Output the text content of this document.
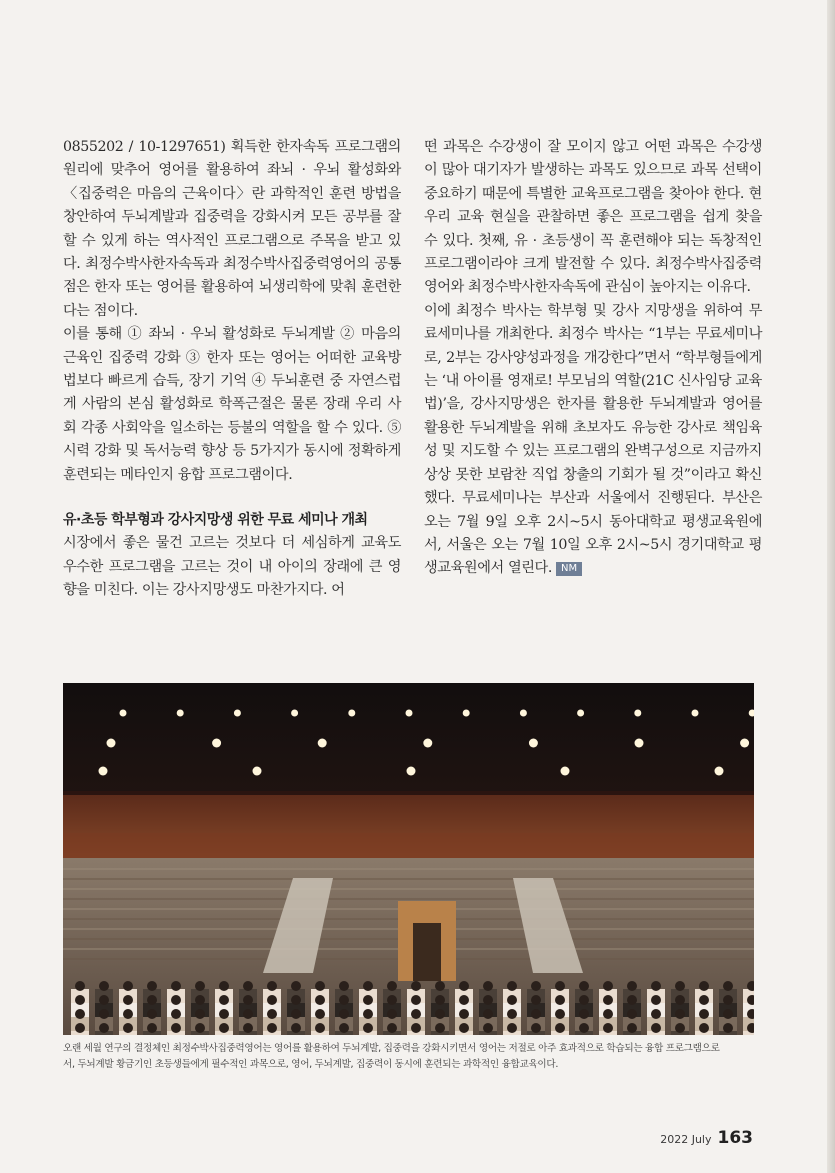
0855202 / 10-1297651) 획득한 한자속독 프로그램의 원리에 맞추어 영어를 활용하여 좌뇌 · 우뇌 활성화와 〈집중력은 마음의 근육이다〉란 과학적인 훈련 방법을 창안하여 두뇌계발과 집중력을 강화시켜 모든 공부를 잘할 수 있게 하는 역사적인 프로그램으로 주목을 받고 있다. 최정수박사한자속독과 최정수박사집중력영어의 공통점은 한자 또는 영어를 활용하여 뇌생리학에 맞춰 훈련한다는 점이다.

이를 통해 ① 좌뇌 · 우뇌 활성화로 두뇌계발 ② 마음의 근육인 집중력 강화 ③ 한자 또는 영어는 어떠한 교육방법보다 빠르게 습득, 장기 기억 ④ 두뇌훈련 중 자연스럽게 사람의 본심 활성화로 학폭근절은 물론 장래 우리 사회 각종 사회악을 일소하는 등불의 역할을 할 수 있다. ⑤ 시력 강화 및 독서능력 향상 등 5가지가 동시에 정확하게 훈련되는 메타인지 융합 프로그램이다.

유·초등 학부형과 강사지망생 위한 무료 세미나 개최

시장에서 좋은 물건 고르는 것보다 더 세심하게 교육도 우수한 프로그램을 고르는 것이 내 아이의 장래에 큰 영향을 미친다. 이는 강사지망생도 마찬가지다. 어

떤 과목은 수강생이 잘 모이지 않고 어떤 과목은 수강생이 많아 대기자가 발생하는 과목도 있으므로 과목 선택이 중요하기 때문에 특별한 교육프로그램을 찾아야 한다. 현 우리 교육 현실을 관찰하면 좋은 프로그램을 쉽게 찾을 수 있다. 첫째, 유 · 초등생이 꼭 훈련해야 되는 독창적인 프로그램이라야 크게 발전할 수 있다. 최정수박사집중력영어와 최정수박사한자속독에 관심이 높아지는 이유다.

이에 최정수 박사는 학부형 및 강사 지망생을 위하여 무료세미나를 개최한다. 최정수 박사는 “1부는 무료세미나로, 2부는 강사양성과정을 개강한다”면서 “학부형들에게는 ‘내 아이를 영재로! 부모님의 역할(21C 신사임당 교육법)’을, 강사지망생은 한자를 활용한 두뇌계발과 영어를 활용한 두뇌계발을 위해 초보자도 유능한 강사로 책임육성 및 지도할 수 있는 프로그램의 완벽구성으로 지금까지 상상 못한 보람찬 직업 창출의 기회가 될 것”이라고 확신했다. 무료세미나는 부산과 서울에서 진행된다. 부산은 오는 7월 9일 오후 2시~5시 동아대학교 평생교육원에서, 서울은 오는 7월 10일 오후 2시~5시 경기대학교 평생교육원에서 열린다. NM

오랜 세월 연구의 결정체인 최정수박사집중력영어는 영어를 활용하여 두뇌계발, 집중력을 강화시키면서 영어는 저절로 아주 효과적으로 학습되는 융합 프로그램으로

서, 두뇌계발 황금기인 초등생들에게 필수적인 과목으로, 영어, 두뇌계발, 집중력이 동시에 훈련되는 과학적인 융합교육이다.

2022 July 163
